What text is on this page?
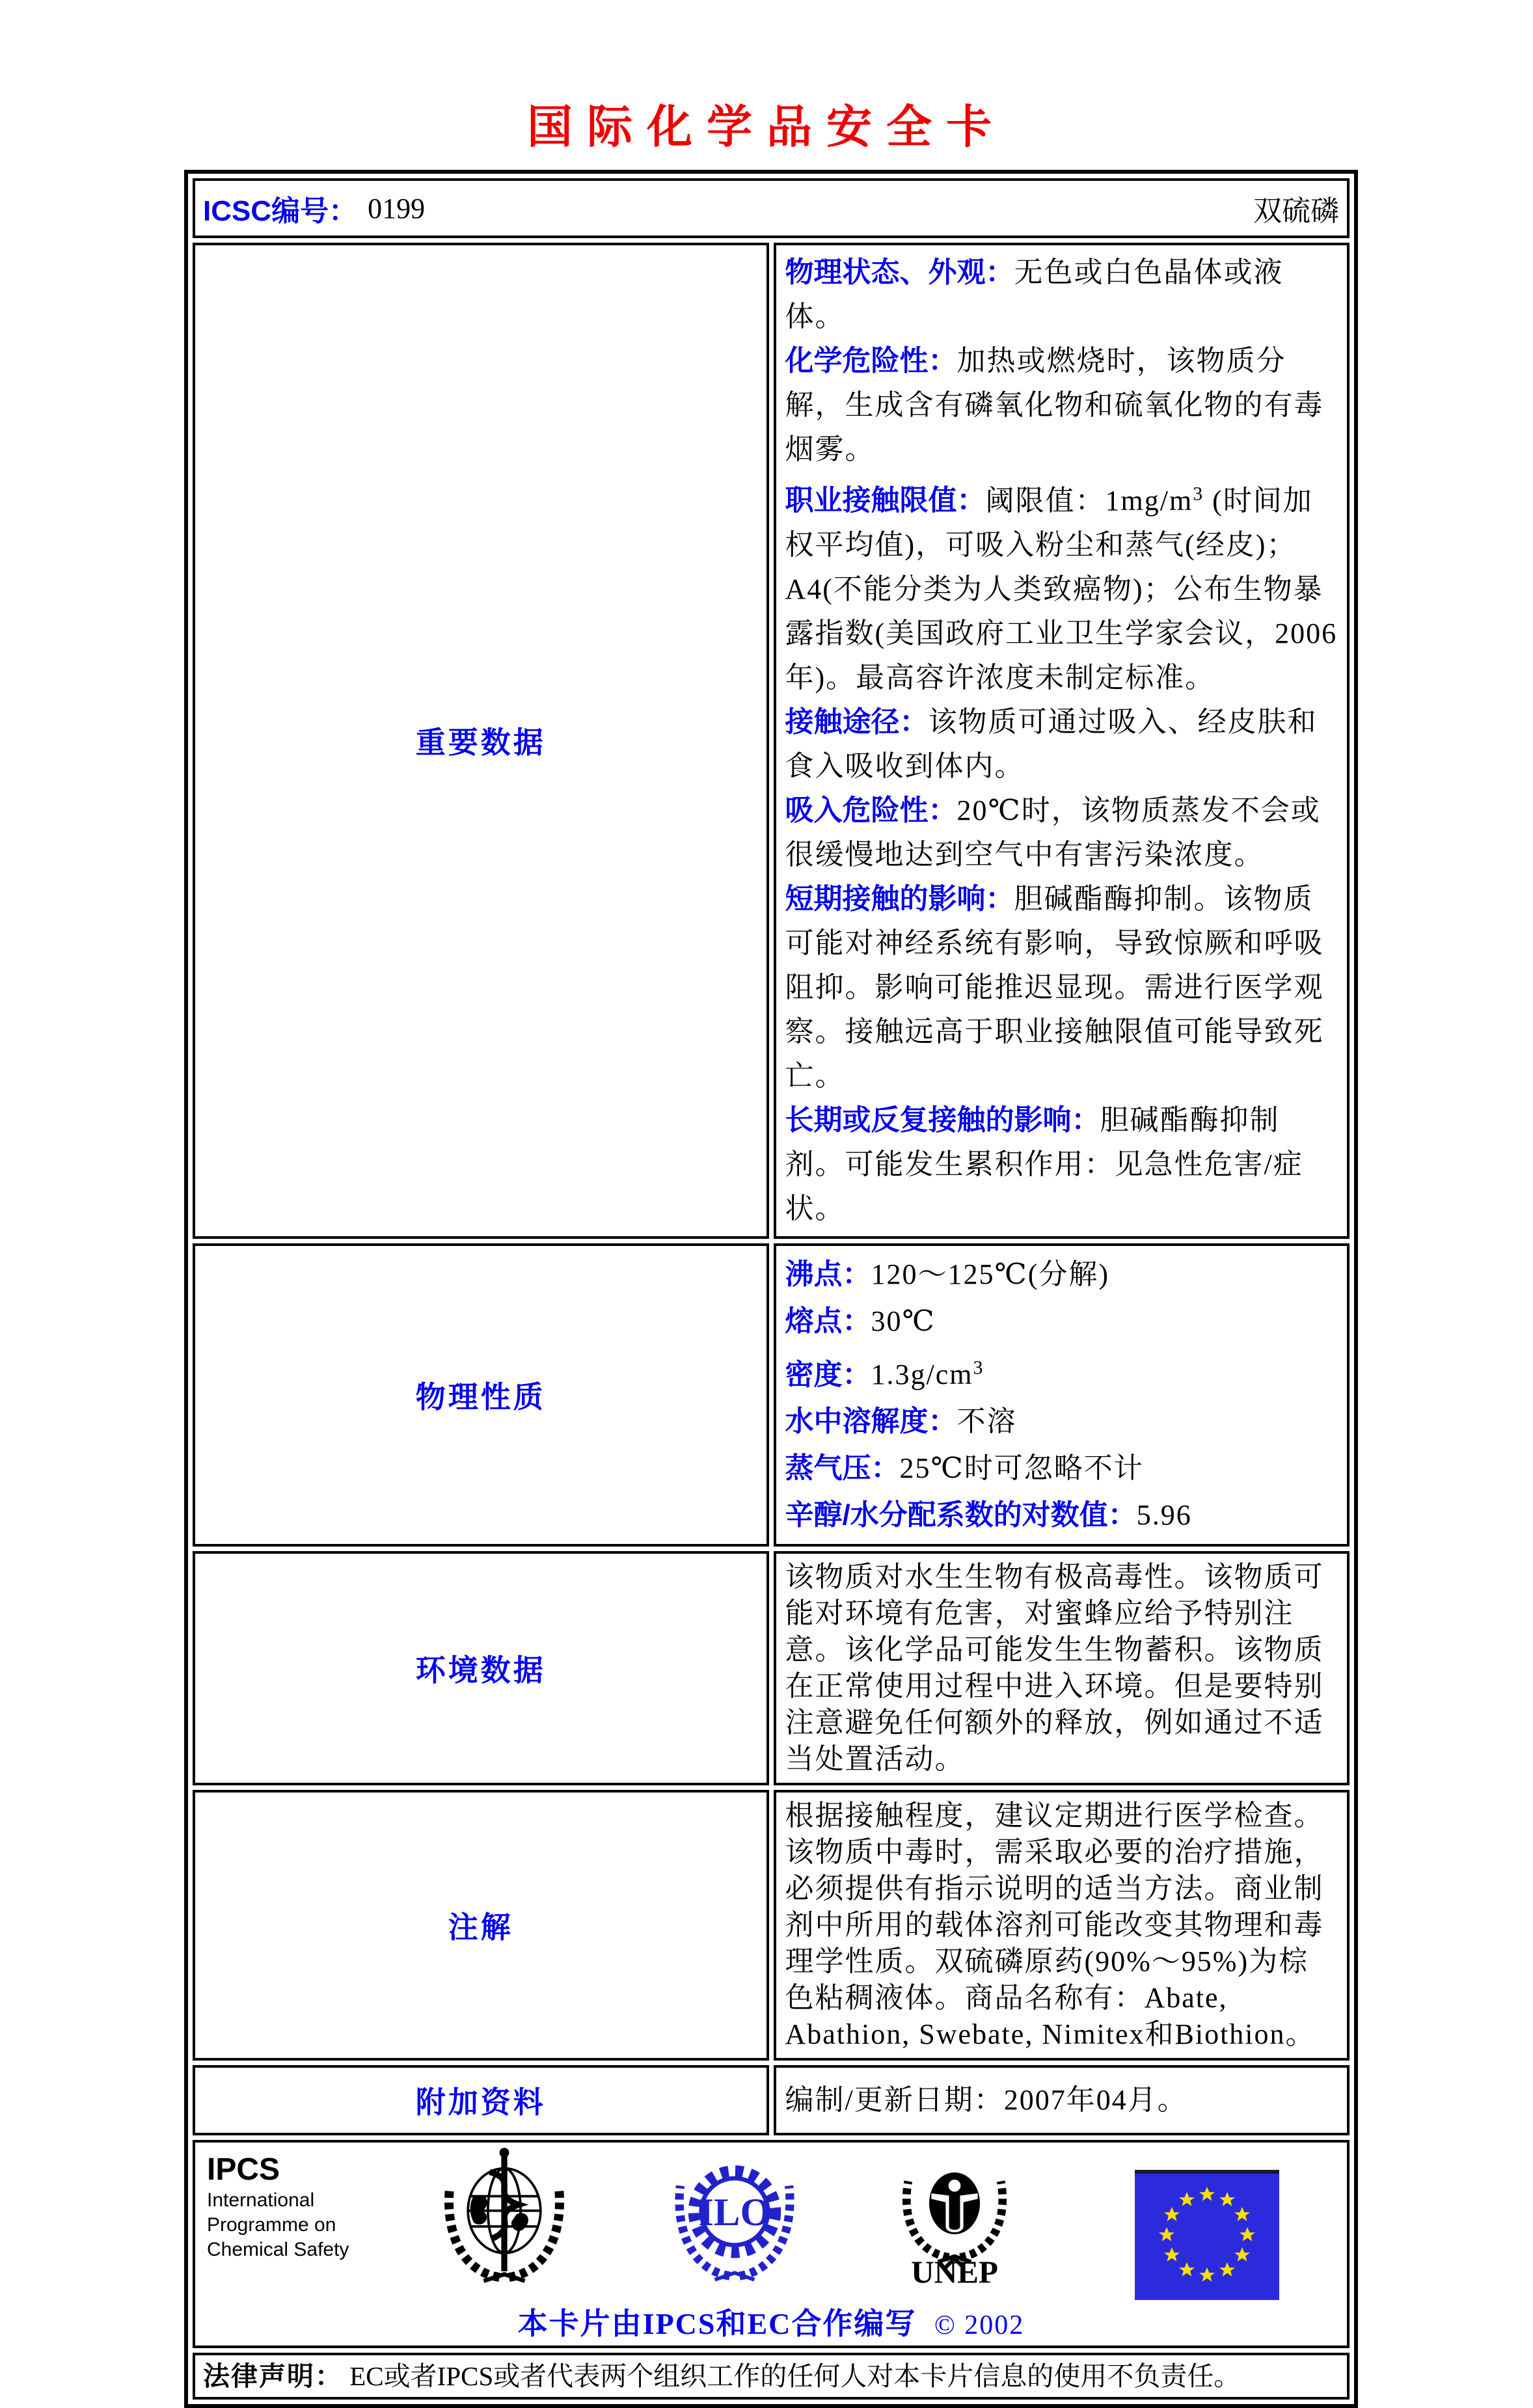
国际化学品安全卡
ICSC编号： 0199 双硫磷	

重要数据	
物理状态、外观：无色或白色晶体或液体。
化学危险性：加热或燃烧时，该物质分解，生成含有磷氧化物和硫氧化物的有毒烟雾。
职业接触限值：阈限值：$1mg/m^3$ (时间加权平均值)，可吸入粉尘和蒸气(经皮)；A4(不能分类为人类致癌物)；公布生物暴露指数(美国政府工业卫生学家会议，2006年)。最高容许浓度未制定标准。
接触途径：该物质可通过吸入、经皮肤和食入吸收到体内。
吸入危险性：20℃时，该物质蒸发不会或很缓慢地达到空气中有害污染浓度。
短期接触的影响：胆碱酯酶抑制。该物质可能对神经系统有影响，导致惊厥和呼吸阻抑。影响可能推迟显现。需进行医学观察。接触远高于职业接触限值可能导致死亡。
长期或反复接触的影响：胆碱酯酶抑制剂。可能发生累积作用：见急性危害/症状。

物理性质	
沸点：120～125℃(分解)
熔点：30℃
密度：$1.3g/cm^3$
水中溶解度：不溶
蒸气压：25℃时可忽略不计
辛醇/水分配系数的对数值：5.96

环境数据	该物质对水生生物有极高毒性。该物质可能对环境有危害，对蜜蜂应给予特别注意。该化学品可能发生生物蓄积。该物质在正常使用过程中进入环境。但是要特别注意避免任何额外的释放，例如通过不适当处置活动。

注解	根据接触程度，建议定期进行医学检查。该物质中毒时，需采取必要的治疗措施，必须提供有指示说明的适当方法。商业制剂中所用的载体溶剂可能改变其物理和毒理学性质。双硫磷原药(90%～95%)为棕色粘稠液体。商品名称有：Abate, Abathion, Swebate, Nimitex和Biothion。

附加资料	编制/更新日期：2007年04月。

IPCS
International
Programme on
Chemical Safety
ILO
UNEP
本卡片由IPCS和EC合作编写 © 2002

法律声明： EC或者IPCS或者代表两个组织工作的任何人对本卡片信息的使用不负责任。	
